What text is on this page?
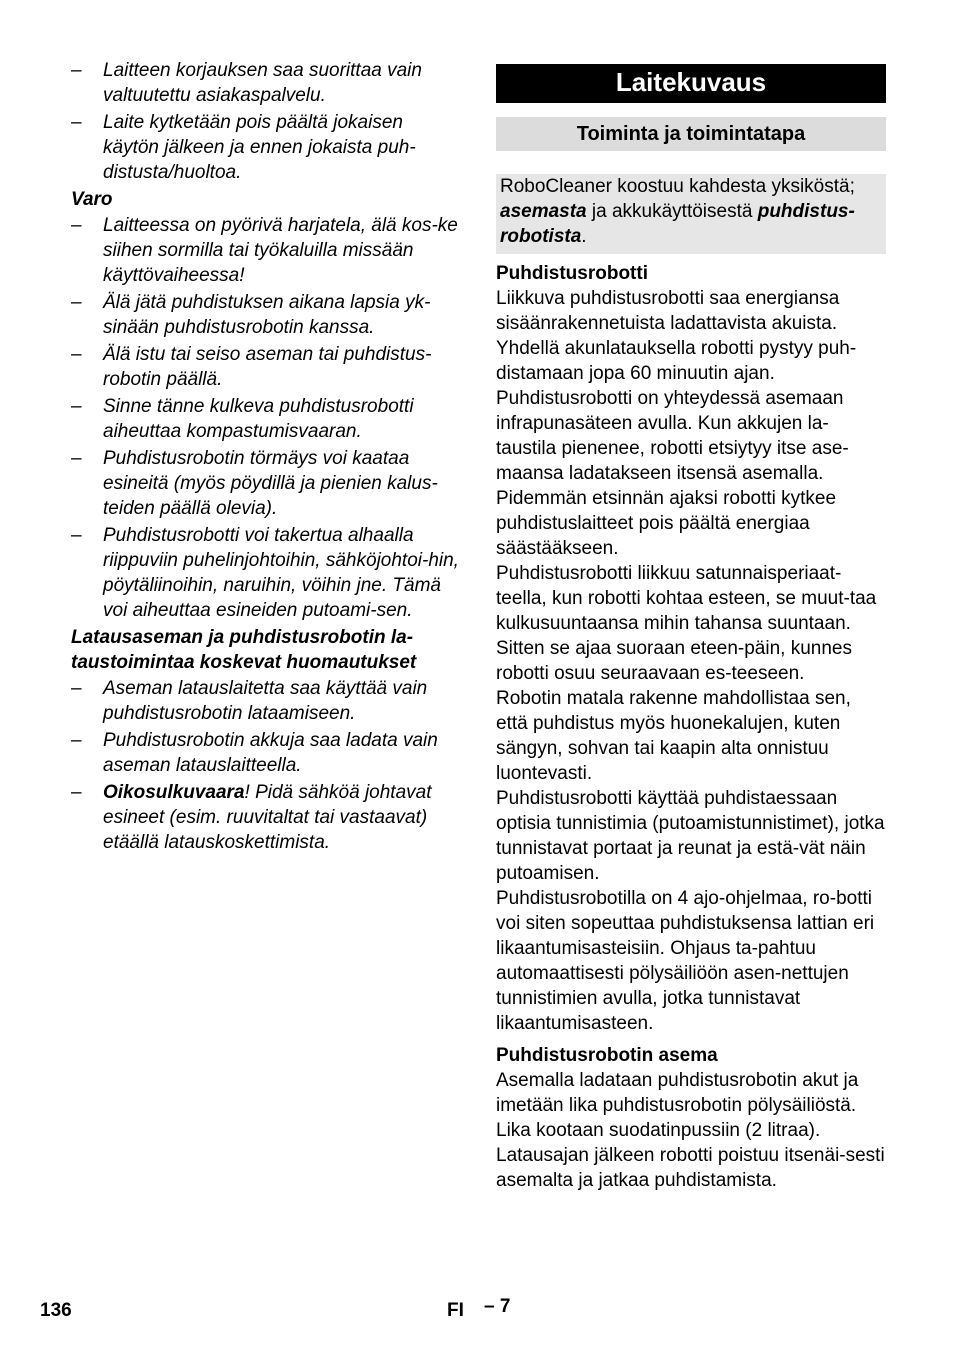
– Laitteen korjauksen saa suorittaa vain valtuutettu asiakaspalvelu.
– Laite kytketään pois päältä jokaisen käytön jälkeen ja ennen jokaista puh-distusta/huoltoa.
Varo
– Laitteessa on pyörivä harjatela, älä kos-ke siihen sormilla tai työkaluilla missään käyttövaiheessa!
– Älä jätä puhdistuksen aikana lapsia yk-sinään puhdistusrobotin kanssa.
– Älä istu tai seiso aseman tai puhdistus-robotin päällä.
– Sinne tänne kulkeva puhdistusrobotti aiheuttaa kompastumisvaaran.
– Puhdistusrobotin törmäys voi kaataa esineitä (myös pöydillä ja pienien kalus-teiden päällä olevia).
– Puhdistusrobotti voi takertua alhaalla riippuviin puhelinjohtoihin, sähköjohtoi-hin, pöytäliinoihin, naruihin, vöihin jne. Tämä voi aiheuttaa esineiden putoami-sen.
Latausaseman ja puhdistusrobotin la-taustoimintaa koskevat huomautukset
– Aseman latauslaitetta saa käyttää vain puhdistusrobotin lataamiseen.
– Puhdistusrobotin akkuja saa ladata vain aseman latauslaitteella.
– Oikosulkuvaara! Pidä sähköä johtavat esineet (esim. ruuvitaltat tai vastaavat) etäällä latauskoskettimista.
Laitekuvaus
Toiminta ja toimintatapa
RoboCleaner koostuu kahdesta yksiköstä; asemasta ja akkukäyttöisestä puhdistus-robotista.
Puhdistusrobotti

Liikkuva puhdistusrobotti saa energiansa sisäänrakennetuista ladattavista akuista. Yhdellä akunlatauksella robotti pystyy puh-distamaan jopa 60 minuutin ajan.

Puhdistusrobotti on yhteydessä asemaan infrapunasäteen avulla. Kun akkujen la-taustila pienenee, robotti etsiytyy itse ase-maansa ladatakseen itsensä asemalla. Pidemmän etsinnän ajaksi robotti kytkee puhdistuslaitteet pois päältä energiaa säästääkseen.

Puhdistusrobotti liikkuu satunnaisperiaat-teella, kun robotti kohtaa esteen, se muut-taa kulkusuuntaansa mihin tahansa suuntaan. Sitten se ajaa suoraan eteen-päin, kunnes robotti osuu seuraavaan es-teeseen.

Robotin matala rakenne mahdollistaa sen, että puhdistus myös huonekalujen, kuten sängyn, sohvan tai kaapin alta onnistuu luontevasti.

Puhdistusrobotti käyttää puhdistaessaan optisia tunnistimia (putoamistunnistimet), jotka tunnistavat portaat ja reunat ja estä-vät näin putoamisen.

Puhdistusrobotilla on 4 ajo-ohjelmaa, ro-botti voi siten sopeuttaa puhdistuksensa lattian eri likaantumisasteisiin. Ohjaus ta-pahtuu automaattisesti pölysäiliöön asen-nettujen tunnistimien avulla, jotka tunnistavat likaantumisasteen.

Puhdistusrobotin asema

Asemalla ladataan puhdistusrobotin akut ja imetään lika puhdistusrobotin pölysäiliöstä. Lika kootaan suodatinpussiin (2 litraa). Latausajan jälkeen robotti poistuu itsenäi-sesti asemalta ja jatkaa puhdistamista.

136	FI – 7
